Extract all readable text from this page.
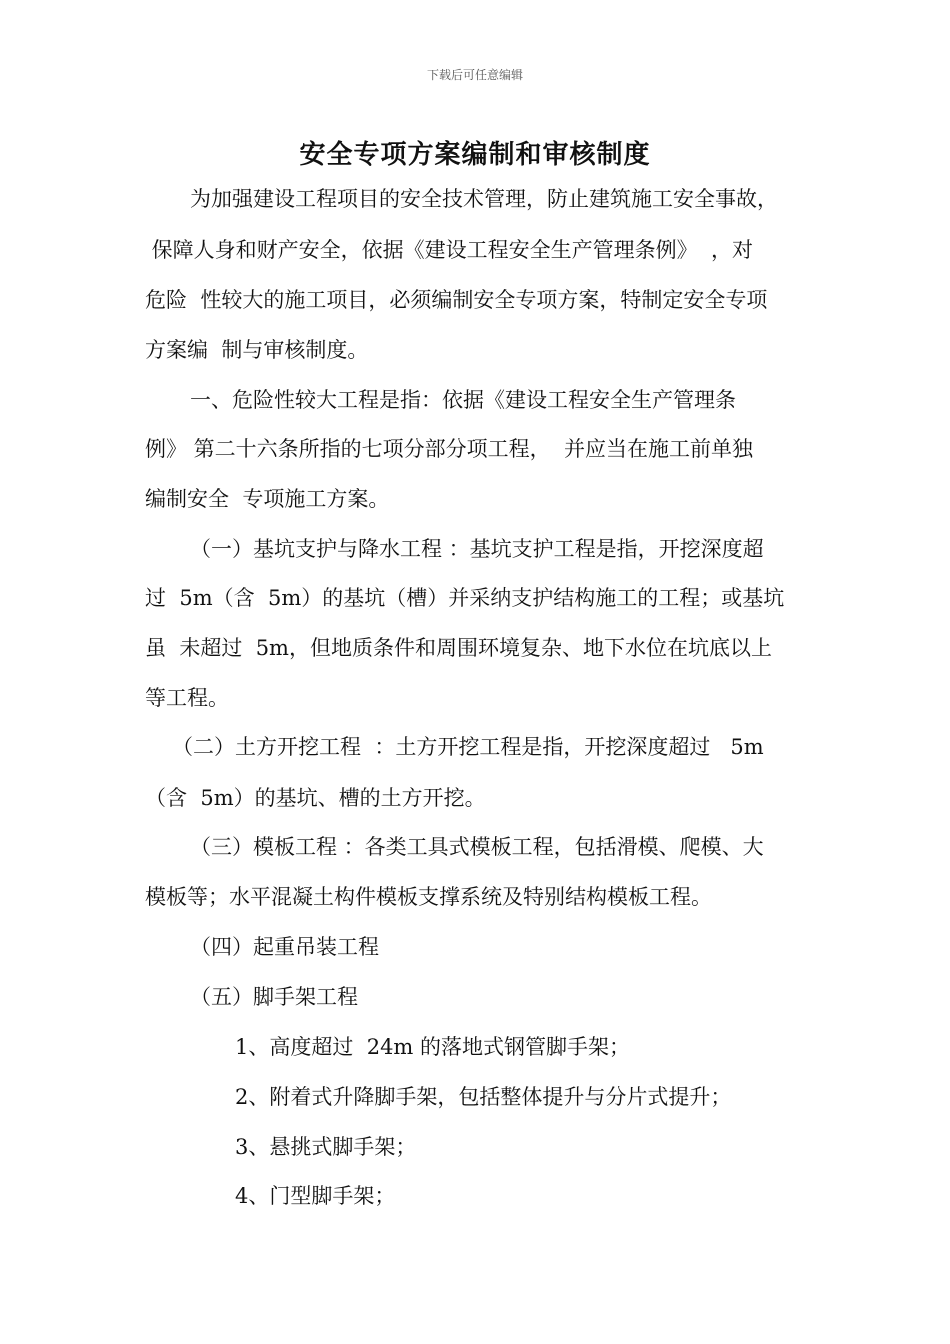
下载后可任意编辑
安全专项方案编制和审核制度
为加强建设工程项目的安全技术管理，防止建筑施工安全事故，
保障人身和财产安全，依据《建设工程安全生产管理条例》  ，对
危险  性较大的施工项目，必须编制安全专项方案，特制定安全专项
方案编  制与审核制度。
一、危险性较大工程是指：依据《建设工程安全生产管理条
例》 第二十六条所指的七项分部分项工程，  并应当在施工前单独
编制安全  专项施工方案。
（一）基坑支护与降水工程 ：基坑支护工程是指，开挖深度超
过  5m（含  5m）的基坑（槽）并采纳支护结构施工的工程；或基坑
虽  未超过  5m，但地质条件和周围环境复杂、地下水位在坑底以上
等工程。
（二）土方开挖工程  ：土方开挖工程是指，开挖深度超过   5m
（含  5m）的基坑、槽的土方开挖。
（三）模板工程 ：各类工具式模板工程，包括滑模、爬模、大
模板等；水平混凝土构件模板支撑系统及特别结构模板工程。
（四）起重吊装工程
（五）脚手架工程
1、高度超过  24m 的落地式钢管脚手架；
2、附着式升降脚手架，包括整体提升与分片式提升；
3、悬挑式脚手架；
4、门型脚手架；
